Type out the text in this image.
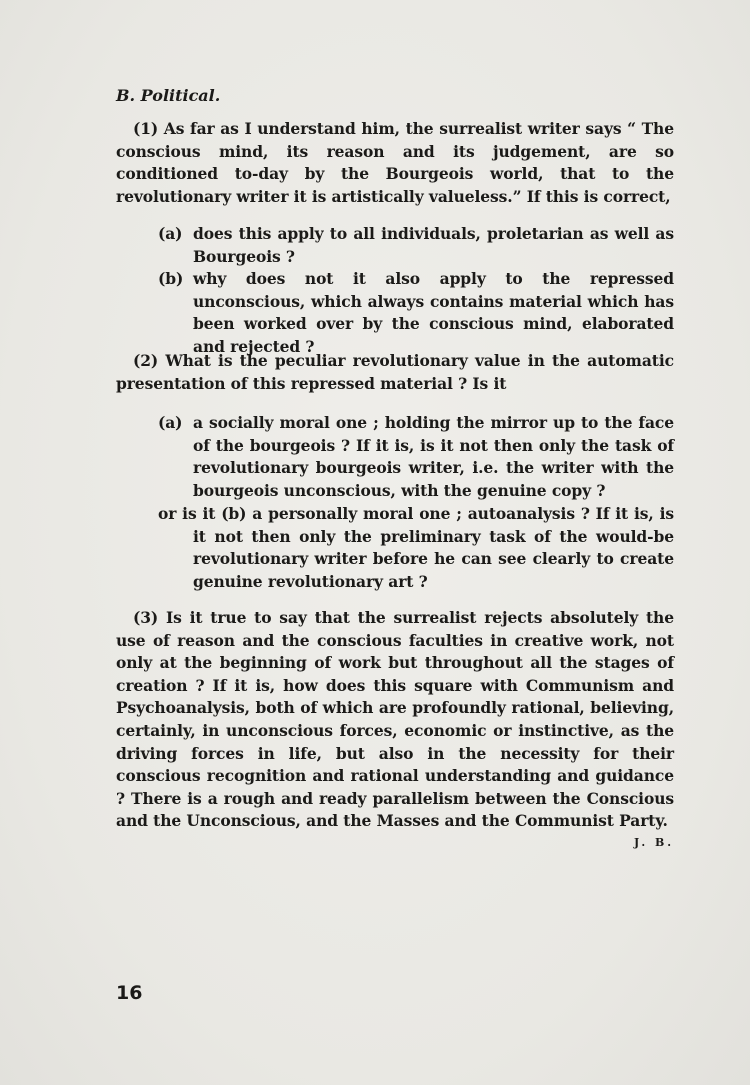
B. Political.
(1) As far as I understand him, the surrealist writer says “ The conscious mind, its reason and its judgement, are so conditioned to-day by the Bourgeois world, that to the revolutionary writer it is artistically valueless.” If this is correct,
(a) does this apply to all individuals, proletarian as well as Bourgeois ?
(b) why does not it also apply to the repressed unconscious, which always contains material which has been worked over by the conscious mind, elaborated and rejected ?
(2) What is the peculiar revolutionary value in the automatic presentation of this repressed material ? Is it
(a) a socially moral one ; holding the mirror up to the face of the bourgeois ? If it is, is it not then only the task of revolutionary bourgeois writer, i.e. the writer with the bourgeois unconscious, with the genuine copy ?
or is it (b) a personally moral one ; autoanalysis ? If it is, is it not then only the preliminary task of the would-be revolutionary writer before he can see clearly to create genuine revolutionary art ?
(3) Is it true to say that the surrealist rejects absolutely the use of reason and the conscious faculties in creative work, not only at the beginning of work but throughout all the stages of creation ? If it is, how does this square with Communism and Psychoanalysis, both of which are profoundly rational, believing, certainly, in unconscious forces, economic or instinctive, as the driving forces in life, but also in the necessity for their conscious recognition and rational understanding and guidance ? There is a rough and ready parallelism between the Conscious and the Unconscious, and the Masses and the Communist Party.
J. B.
16
